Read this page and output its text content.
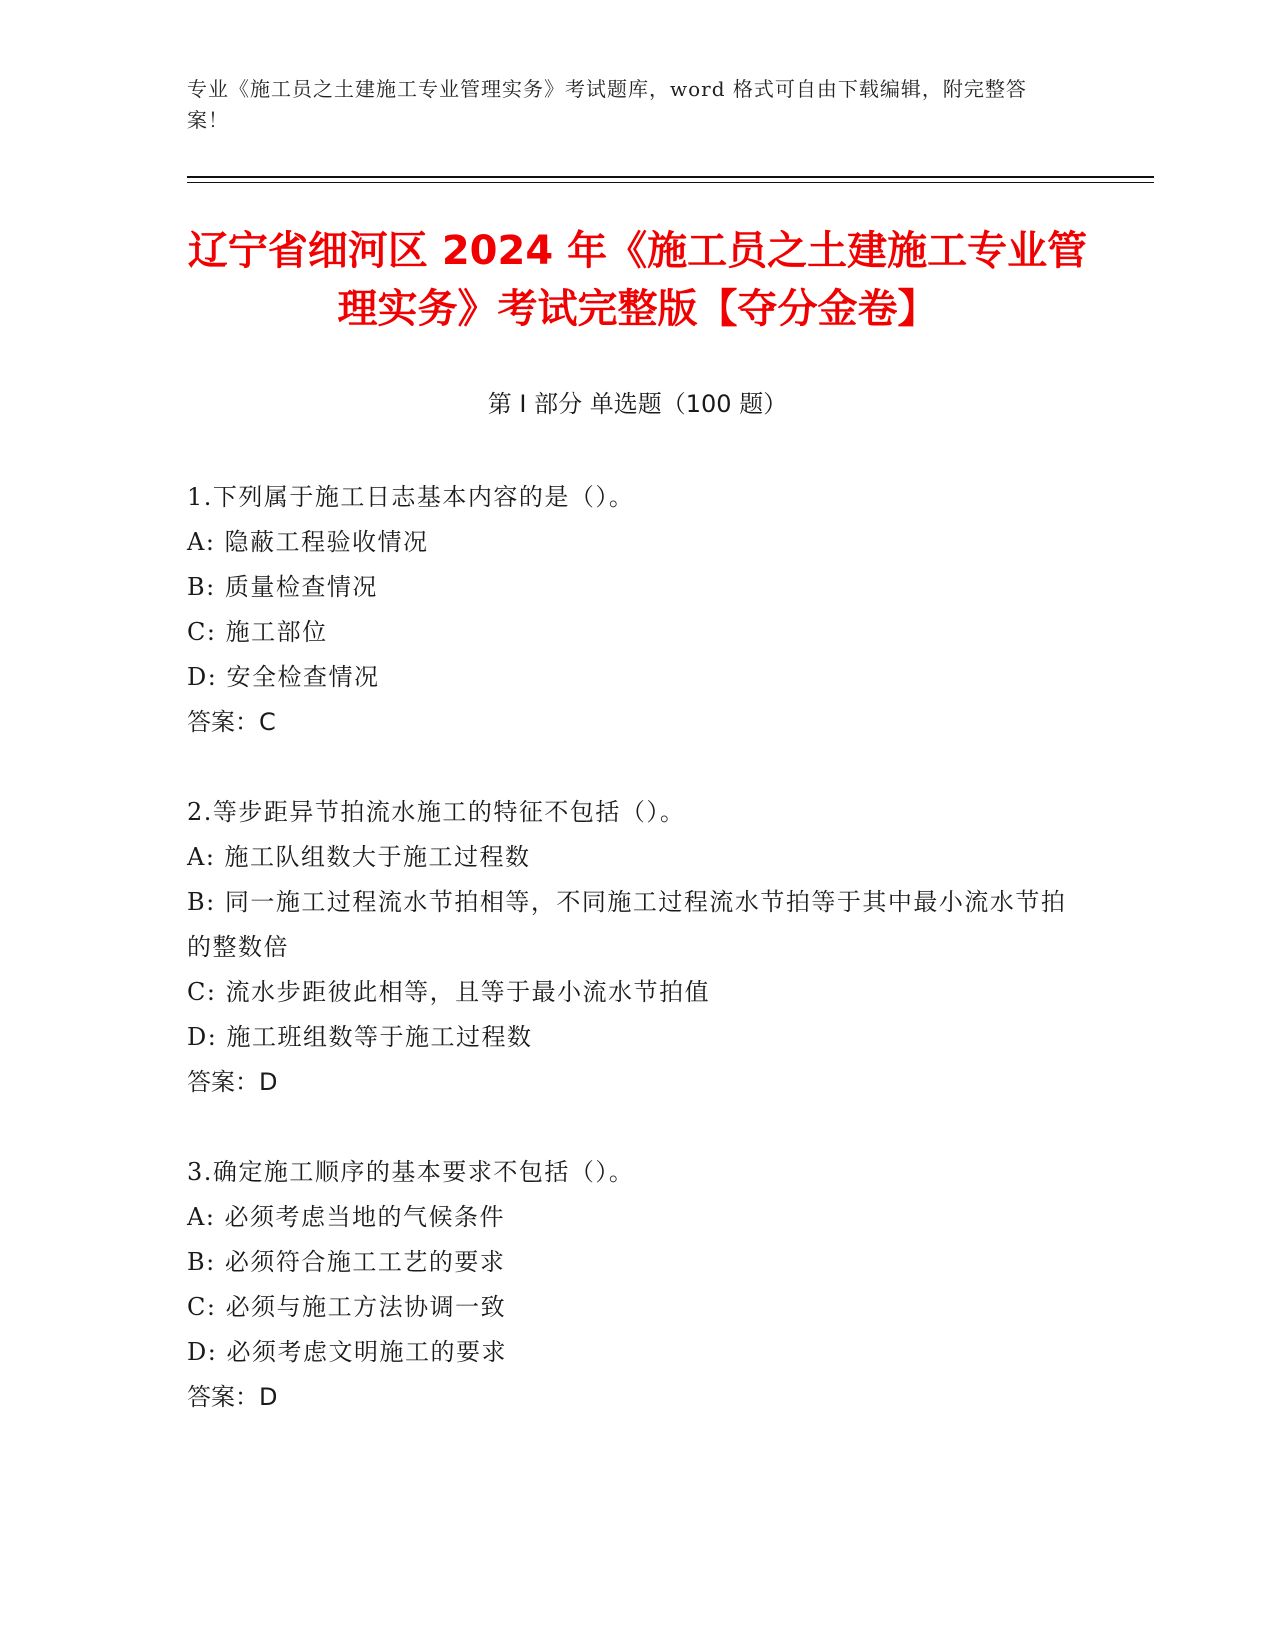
专业《施工员之土建施工专业管理实务》考试题库，word 格式可自由下载编辑，附完整答案！
辽宁省细河区 2024 年《施工员之土建施工专业管理实务》考试完整版【夺分金卷】
第 I 部分 单选题（100 题）
1.下列属于施工日志基本内容的是（）。
A: 隐蔽工程验收情况
B: 质量检查情况
C: 施工部位
D: 安全检查情况
答案：C
2.等步距异节拍流水施工的特征不包括（）。
A: 施工队组数大于施工过程数
B: 同一施工过程流水节拍相等，不同施工过程流水节拍等于其中最小流水节拍的整数倍
C: 流水步距彼此相等，且等于最小流水节拍值
D: 施工班组数等于施工过程数
答案：D
3.确定施工顺序的基本要求不包括（）。
A: 必须考虑当地的气候条件
B: 必须符合施工工艺的要求
C: 必须与施工方法协调一致
D: 必须考虑文明施工的要求
答案：D
